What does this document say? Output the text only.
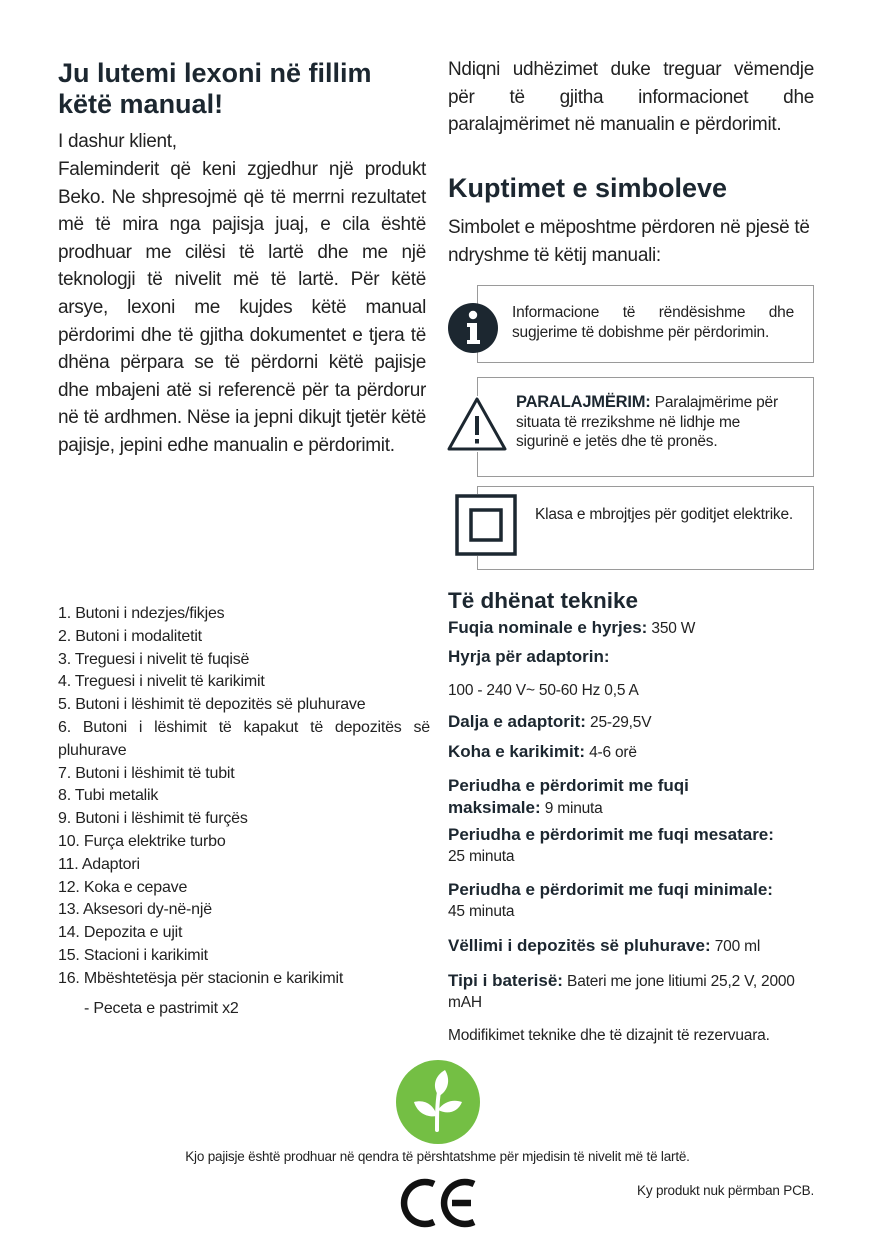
Ju lutemi lexoni në fillim këtë manual!
I dashur klient,
Faleminderit që keni zgjedhur një produkt Beko. Ne shpresojmë që të merrni rezultatet më të mira nga pajisja juaj, e cila është prodhuar me cilësi të lartë dhe me një teknologji të nivelit më të lartë. Për këtë arsye, lexoni me kujdes këtë manual përdorimi dhe të gjitha dokumentet e tjera të dhëna përpara se të përdorni këtë pajisje dhe mbajeni atë si referencë për ta përdorur në të ardhmen. Nëse ia jepni dikujt tjetër këtë pajisje, jepini edhe manualin e përdorimit.
Ndiqni udhëzimet duke treguar vëmendje për të gjitha informacionet dhe paralajmërimet në manualin e përdorimit.
Kuptimet e simboleve
Simbolet e mëposhtme përdoren në pjesë të ndryshme të këtij manuali:
Informacione të rëndësishme dhe sugjerime të dobishme për përdorimin.
PARALAJMËRIM: Paralajmërime për situata të rrezikshme në lidhje me sigurinë e jetës dhe të pronës.
Klasa e mbrojtjes për goditjet elektrike.
1. Butoni i ndezjes/fikjes
2. Butoni i modalitetit
3. Treguesi i nivelit të fuqisë
4. Treguesi i nivelit të karikimit
5. Butoni i lëshimit të depozitës së pluhurave
6. Butoni i lëshimit të kapakut të depozitës së pluhurave
7. Butoni i lëshimit të tubit
8. Tubi metalik
9. Butoni i lëshimit të furçës
10. Furça elektrike turbo
11. Adaptori
12. Koka e cepave
13. Aksesori dy-në-një
14. Depozita e ujit
15. Stacioni i karikimit
16. Mbështetësja për stacionin e karikimit
- Peceta e pastrimit x2
Të dhënat teknike
Fuqia nominale e hyrjes: 350 W
Hyrja për adaptorin:
100 - 240 V~ 50-60 Hz 0,5 A
Dalja e adaptorit: 25-29,5V
Koha e karikimit: 4-6 orë
Periudha e përdorimit me fuqi maksimale: 9 minuta
Periudha e përdorimit me fuqi mesatare: 25 minuta
Periudha e përdorimit me fuqi minimale: 45 minuta
Vëllimi i depozitës së pluhurave: 700 ml
Tipi i baterisë: Bateri me jone litiumi 25,2 V, 2000 mAH
Modifikimet teknike dhe të dizajnit të rezervuara.
Kjo pajisje është prodhuar në qendra të përshtatshme për mjedisin të nivelit më të lartë.
Ky produkt nuk përmban PCB.
